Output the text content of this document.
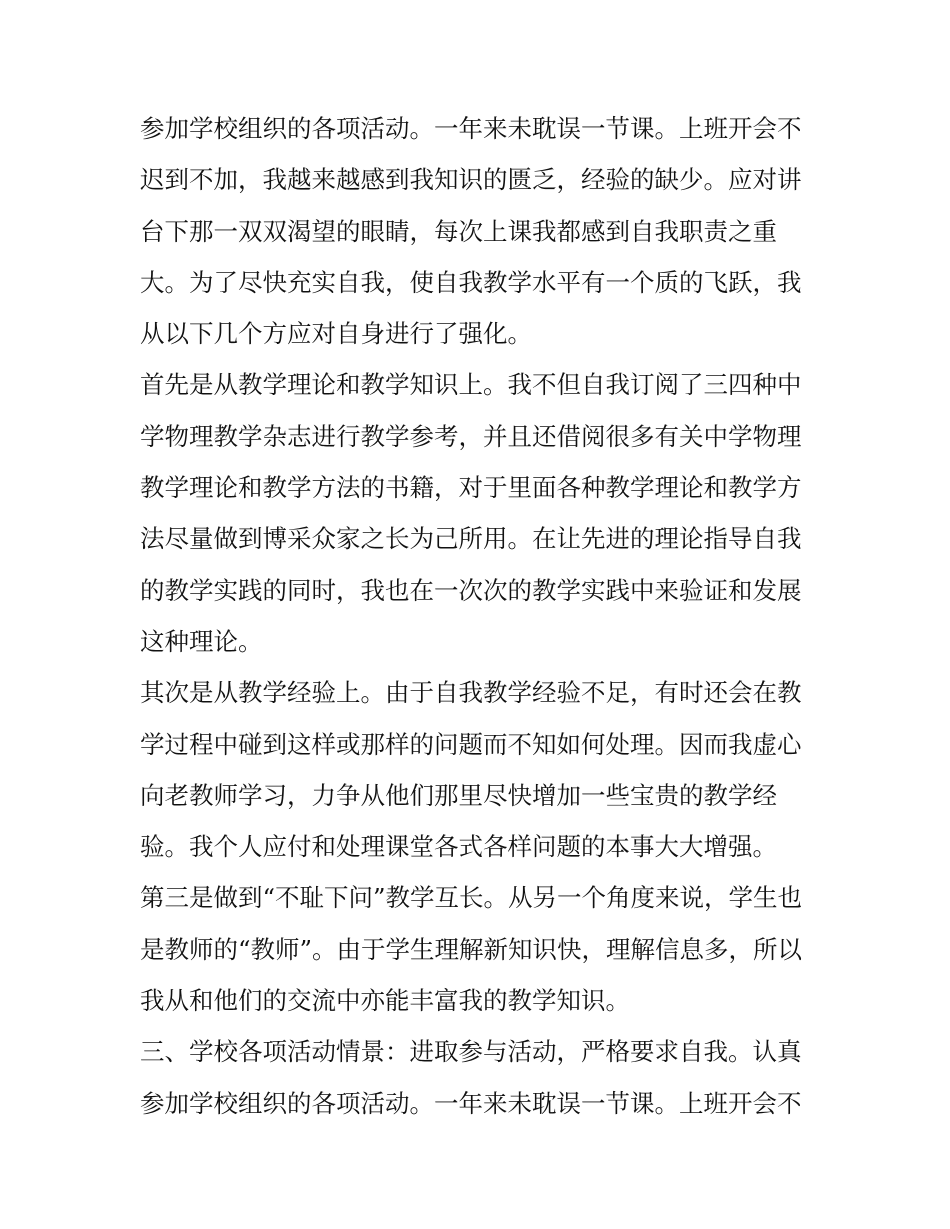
参加学校组织的各项活动。一年来未耽误一节课。上班开会不
迟到不加，我越来越感到我知识的匮乏，经验的缺少。应对讲
台下那一双双渴望的眼睛，每次上课我都感到自我职责之重
大。为了尽快充实自我，使自我教学水平有一个质的飞跃，我
从以下几个方应对自身进行了强化。
首先是从教学理论和教学知识上。我不但自我订阅了三四种中
学物理教学杂志进行教学参考，并且还借阅很多有关中学物理
教学理论和教学方法的书籍，对于里面各种教学理论和教学方
法尽量做到博采众家之长为己所用。在让先进的理论指导自我
的教学实践的同时，我也在一次次的教学实践中来验证和发展
这种理论。
其次是从教学经验上。由于自我教学经验不足，有时还会在教
学过程中碰到这样或那样的问题而不知如何处理。因而我虚心
向老教师学习，力争从他们那里尽快增加一些宝贵的教学经
验。我个人应付和处理课堂各式各样问题的本事大大增强。
第三是做到“不耻下问”教学互长。从另一个角度来说，学生也
是教师的“教师”。由于学生理解新知识快，理解信息多，所以
我从和他们的交流中亦能丰富我的教学知识。
三、学校各项活动情景：进取参与活动，严格要求自我。认真
参加学校组织的各项活动。一年来未耽误一节课。上班开会不
